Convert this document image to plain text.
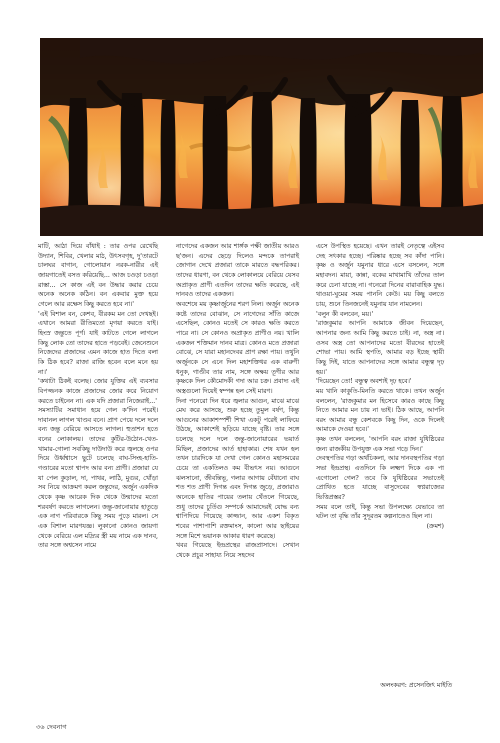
মাটি, আঠা দিয়ে বাঁধাই : তার ওপর রেখেছি উদ্যান, শিবির, খেলার মাঠ, উৎসবগৃহ, দু'তারটে চালঘর বাগান, গোলোয়ান নরক-নারীর এই জায়গাতেই বসত করিয়েছি... আজ চওড়া চওড়া রাস্তা... সে কাজ এই বন উদ্ধার করার চেয়ে অনেক অনেক কঠিন। বন একবার মুক্ত হয়ে গেলে আর রক্ষেস কিছু করতে হবে না।'

'এই বিশাল বন, কেশব, বীরকম মন তো দেখছই। এখানে আমরা রীতিমতো মৃগয়া করতে যাই। হিংস্র জন্তুতে পূর্ণ। যাই কাটতে গেলে লাগলে কিছু লোক তো তাদের হাতে পড়বেই। জেনেশুনে নিজেদের প্রজাদের এমন কাজে হাত দিতে বলা কি ঠিক হবে? রাজা রাজি হবেন বলে মনে হয় না।'

'কথাটা ঠিকই বলেছ। জোর যুক্তির এই ব্যবসার বিপজ্জনক কাজে প্রজাদের জোর করে নিয়োগ করতে চাইনেন না। এক যদি প্রজারা নিজেরাই...'

সমস্যাটির সমাধান হয়ে গেল ক'দিন পরেই। দাবানল লাগল খাণ্ডব বনে। প্রাণ পেয়ে দলে দলে বন্য জন্তু বেরিয়ে আসতে লাগল। হুতাশন হতে বনের লোকালয়। তাদের কুটির-উঠোন-খেত-খামার-গোলা সবকিছু দাউদাউ করে জ্বলছে ওপর দিয়ে উর্ধ্বশ্বাসে ছুটে চলেছে বাঘ-সিংহ-হাতি-গণ্ডারের মতো শ্বাপদ আর বন্য প্রাণী। প্রজারা যে যা পেল কুড়াল, দা, পাথর, লাঠি, মুগুর, খোঁড়া সব নিয়ে আক্রমণ করল জন্তুদের, অর্জুন একদিক থেকে কৃষ্ণ আরেক দিক থেকে উন্মাদের মতো শরবর্ষণ করতে লাগলেন। জন্তু-জানোয়ার হাতুড়ে এক নাগ পরিবারকে কিছু সময় পুড়ে মারল। সে এক বিশাল মারণযজ্ঞ। লুকানো কোনও জায়গা থেকে বেরিয়ে এল মদ্র্যির স্ত্রী ময় নামে এক দানব, তার সঙ্গে অশ্বসেন নামে

নাগেদের একজন আর শার্ঙ্গক পক্ষী জাতীয় আরও ছ'জন। এদের ছেড়ে দিলেও মন্দকে তাপরাই জোগান দেখে প্রজারা তাকে মারতে বদ্ধপরিকর। তাদের ধারণা, বন থেকে লোকালয়ে বেরিয়ে যেসব অপ্রাকৃত প্রাণী এতদিন তাদের ক্ষতি করেছে, এই দানবও তাদের একজন।

অবশেষে ময় কৃষ্ণার্জুনের শরণ নিল। অর্জুন অনেক কষ্টে তাদের বোঝান, সে নাগেদের সাঁতি কাজে এসেছিল, কোনও মতেই সে কারও ক্ষতি করতে পারে না। সে কোনও অপ্রাকৃত প্রাণীও নয়। খালি একজন শক্তিমান দানব মাত্র। কোনও মতে প্রজারা বোঝে, সে যারা মহানদেবর প্রাণ রক্ষা পায়। তথুনি অর্জুনকে সে এনে দিল মহাশক্তিধর এক বারুণী ধনুক, গাণ্ডীব তার নাম, সঙ্গে অক্ষয় তূণীর আর কৃষ্ণকে দিল কৌমোদকী গদা আর চক্র। প্রবাদ্য এই অস্ত্রগুলো দিয়েই স্বম্পন্ন হল সেই মারণ।

দিনা পনেরো দিন ধরে জ্বলার আগুন, মাঝে মাঝে মেঘ করে আসছে, শুরু হচ্ছে তুমুল বর্ষণ, কিন্তু আগুনের আকাশস্পর্শী শিখা একটু পরেই লাফিয়ে উঠছে, আকাশেই ছড়িয়ে যাচ্ছে বৃষ্টি। তার সঙ্গে চলেছে দলে দলে জন্তু-জানোয়ারের ভয়ার্ত মিছিল, প্রজাদের আর্ত হাহাকার। শেষ যখন হল তখন চারদিকে যা দেখা গেল কোনও মহাসমরের চেয়ে তা একতিলও কম বীভৎস নয়। আগুনে ঝলসানো, জীবন্তিভূ, গলার আগায় বেঁধানো বাঘ শত শত প্রাণী দিগন্ত এবং দিগন্ত জুড়ে, প্রজারাও অনেকে হাতির পায়ের তলায় থেঁতলে গিয়েছে, শুধু তাদের চুর্তিগু সম্পর্কে আমাদেরই যোদ্ধ বন্য শ্বাপিদিয়ে গিয়েছে কাজ্জান, আর একশ বিকৃত শবের পাশাপাশি রক্তমাংস, কালো আর ছাইয়ের সঙ্গে মিশে ভয়ানক আকার ধারণ করেছে।

খবর গিয়েছে ইন্দ্রপ্রস্থের রাজপ্রাসাদে। সেখান থেকে প্রচুর সাহায্য নিয়ে সহদেব

এসে উপস্থিত হয়েছে। এখন তারই নেতৃত্বে এইসব দেহ সৎকার হচ্ছে। পরিষ্কার হচ্ছে সব কাঁদা পানি। কৃষ্ণ ও অর্জুন যমুনার ধারে এসে বসলেন, সঙ্গে মহাবদন। মায়া, কান্না, বকের মাখামাখি তাঁদের তাল করে চেনা যাচ্ছে না। গনেরো দিনের বারাবাহিক যুদ্ধ। থাওয়া-ঘুমের সময় পাননি কেউ। ময় কিছু বলতে চায়, শুনে তিনজনেই যমুনায় যান নামলেন।

'বলুন কী বলবেন, ময়।'

'রাজকুমার আপনি আমাকে জীবন দিয়েছেন, আপনার জন্য আমি কিছু করতে চাই। না, অস্ত্র না। ওসব অস্ত্র তো আপনাদের মতো বীরদের হাতেই শোভা পায়। আমি স্থপতি, আমার বড় ইচ্ছে স্থায়ী কিছু দিই, যাতে আপনাদের সঙ্গে আমার বন্ধুত্ব দৃঢ় হয়।'

'দিয়েছেন তো! বন্ধুত্ব অবশ্যই দৃঢ় হবে।'

ময় খানি কাকুতি-মিনতি করতে থাকে। তখন অর্জুন বললেন, 'রাজকুমার মন হিসেবে কারও কাছে কিছু নিতে আমার মন চায় না ভাই। ঠিক আছে, আপনি বরং আমার বন্ধু কেশবকে কিছু দিন, ওকে দিলেই আমাকে দেওয়া হবে।'

কৃষ্ণ তখন বললেন, 'আপনি বরং রাজা যুধিষ্ঠিরের জন্য রাজকীয় উপযুক্ত এক সভা গড়ে দিন।'

দেবস্থপতির গড়া অর্থচিকলা, আর দানবস্থপতির গড়া সভা ইন্দ্রপ্রস্থ। এতদিনে কি লক্ষ্মণ দিকে এক পা এগোলো গেল? তবে কি যুধিষ্ঠিরের সভাতেই প্রোথিত হতে যাচ্ছে বাসুদেবের স্বপ্নরাজ্যের ভিত্তিপ্রস্তর?

সময় বলে তাই, কিন্তু সভা উপলক্ষ্যে যেভাবে তা ঘটল তা বৃদ্ধি তাঁর সুদূরতম কল্পনাতেও ছিল না।

(ক্রমশ)

অলংকরণ: প্রসেনজিৎ মাইতি
৩৬ দেবনাগ
